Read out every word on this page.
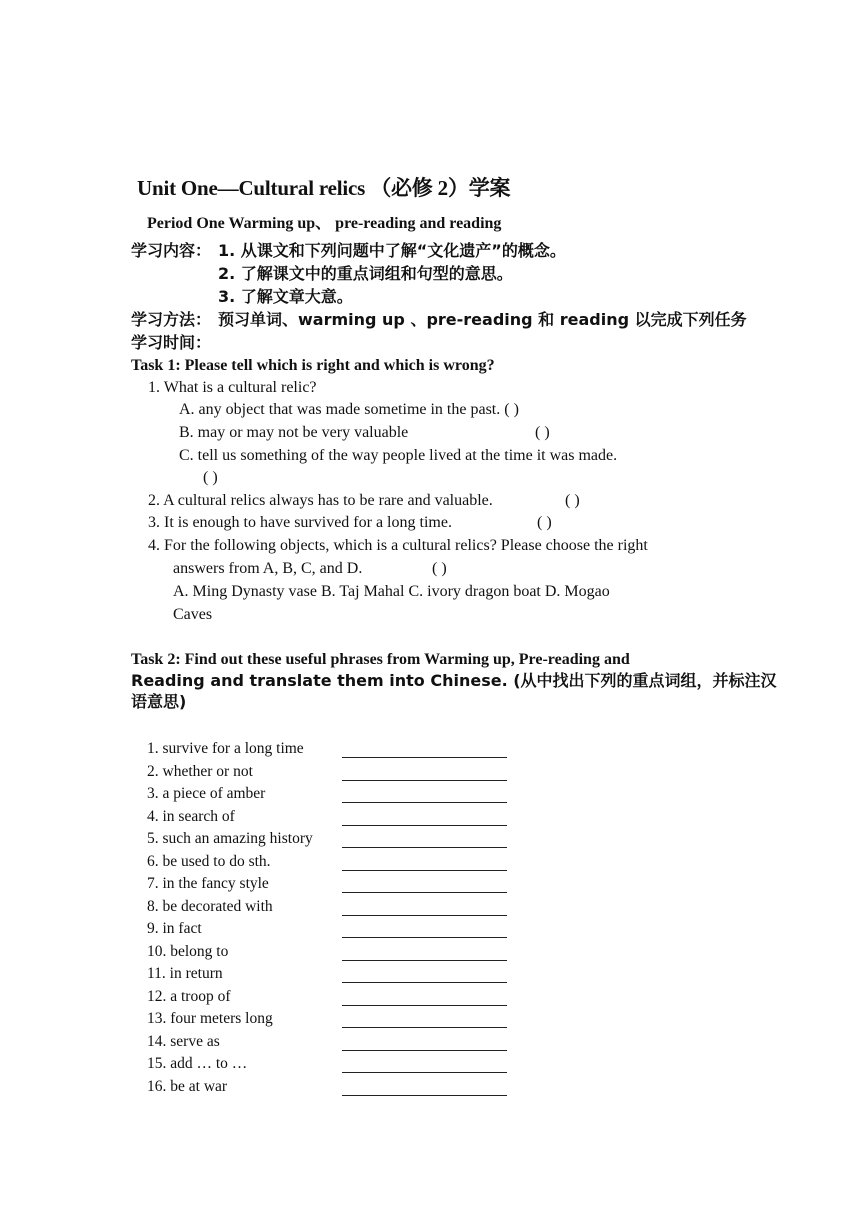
Unit One—Cultural relics （必修 2）学案
Period One Warming up、 pre-reading and reading
学习内容： 1. 从课文和下列问题中了解“文化遗产”的概念。
2. 了解课文中的重点词组和句型的意思。
3. 了解文章大意。
学习方法： 预习单词、warming up 、pre-reading 和 reading 以完成下列任务
学习时间：
Task 1: Please tell which is right and which is wrong?
1. What is a cultural relic?
A. any object that was made sometime in the past. ( )
B. may or may not be very valuable	( )
C. tell us something of the way people lived at the time it was made.
( )
2. A cultural relics always has to be rare and valuable.	( )
3. It is enough to have survived for a long time.	( )
4. For the following objects, which is a cultural relics? Please choose the right
answers from A, B, C, and D.	( )
A. Ming Dynasty vase B. Taj Mahal C. ivory dragon boat D. Mogao
Caves
Task 2: Find out these useful phrases from Warming up, Pre-reading and
Reading and translate them into Chinese. (从中找出下列的重点词组，并标注汉
语意思)
1. survive for a long time
2. whether or not
3. a piece of amber
4. in search of
5. such an amazing history
6. be used to do sth.
7. in the fancy style
8. be decorated with
9. in fact
10. belong to
11. in return
12. a troop of
13. four meters long
14. serve as
15. add … to …
16. be at war
